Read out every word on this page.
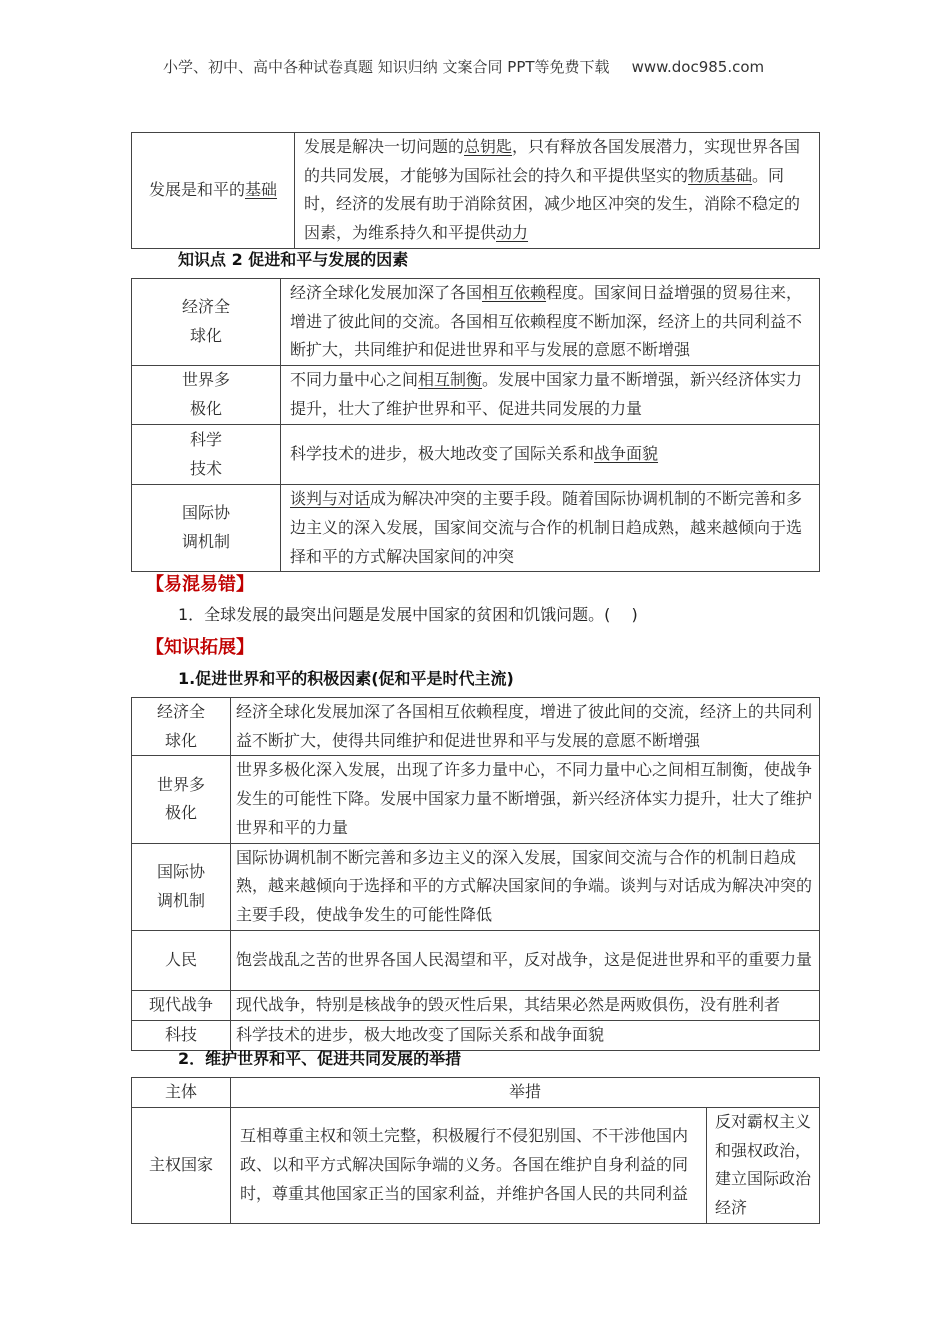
小学、初中、高中各种试卷真题 知识归纳 文案合同 PPT等免费下载 www.doc985.com
发展是和平的基础	发展是解决一切问题的总钥匙，只有释放各国发展潜力，实现世界各国的共同发展，才能够为国际社会的持久和平提供坚实的物质基础。同时，经济的发展有助于消除贫困，减少地区冲突的发生，消除不稳定的因素，为维系持久和平提供动力
知识点 2 促进和平与发展的因素
经济全
球化	经济全球化发展加深了各国相互依赖程度。国家间日益增强的贸易往来，增进了彼此间的交流。各国相互依赖程度不断加深，经济上的共同利益不断扩大，共同维护和促进世界和平与发展的意愿不断增强
世界多
极化	不同力量中心之间相互制衡。发展中国家力量不断增强，新兴经济体实力提升，壮大了维护世界和平、促进共同发展的力量
科学
技术	科学技术的进步，极大地改变了国际关系和战争面貌
国际协
调机制	谈判与对话成为解决冲突的主要手段。随着国际协调机制的不断完善和多边主义的深入发展，国家间交流与合作的机制日趋成熟，越来越倾向于选择和平的方式解决国家间的冲突
【易混易错】
1．全球发展的最突出问题是发展中国家的贫困和饥饿问题。(　 )
【知识拓展】
1.促进世界和平的积极因素(促和平是时代主流)
经济全
球化	经济全球化发展加深了各国相互依赖程度，增进了彼此间的交流，经济上的共同利益不断扩大，使得共同维护和促进世界和平与发展的意愿不断增强
世界多
极化	世界多极化深入发展，出现了许多力量中心，不同力量中心之间相互制衡，使战争发生的可能性下降。发展中国家力量不断增强，新兴经济体实力提升，壮大了维护世界和平的力量
国际协
调机制	国际协调机制不断完善和多边主义的深入发展，国家间交流与合作的机制日趋成熟，越来越倾向于选择和平的方式解决国家间的争端。谈判与对话成为解决冲突的主要手段，使战争发生的可能性降低
人民	饱尝战乱之苦的世界各国人民渴望和平，反对战争，这是促进世界和平的重要力量
现代战争	现代战争，特别是核战争的毁灭性后果，其结果必然是两败俱伤，没有胜利者
科技	科学技术的进步，极大地改变了国际关系和战争面貌
2．维护世界和平、促进共同发展的举措
主体	举措	
主权国家	互相尊重主权和领土完整，积极履行不侵犯别国、不干涉他国内政、以和平方式解决国际争端的义务。各国在维护自身利益的同时，尊重其他国家正当的国家利益，并维护各国人民的共同利益	反对霸权主义和强权政治，建立国际政治经济
